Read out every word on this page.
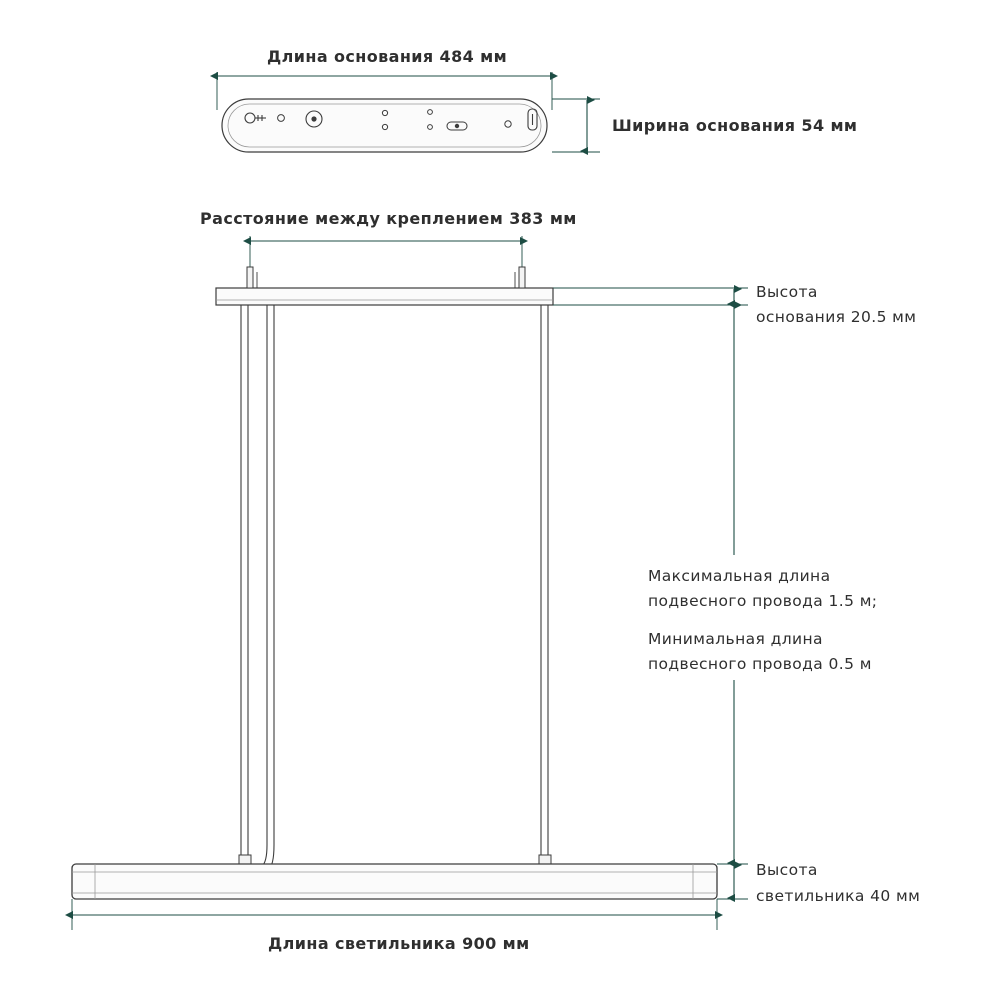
Длина основания 484 мм
Ширина основания 54 мм
Расстояние между креплением 383 мм
Высота
основания 20.5 мм
Максимальная длина
подвесного провода 1.5 м;
Минимальная длина
подвесного провода 0.5 м
Высота
светильника 40 мм
Длина светильника 900 мм
